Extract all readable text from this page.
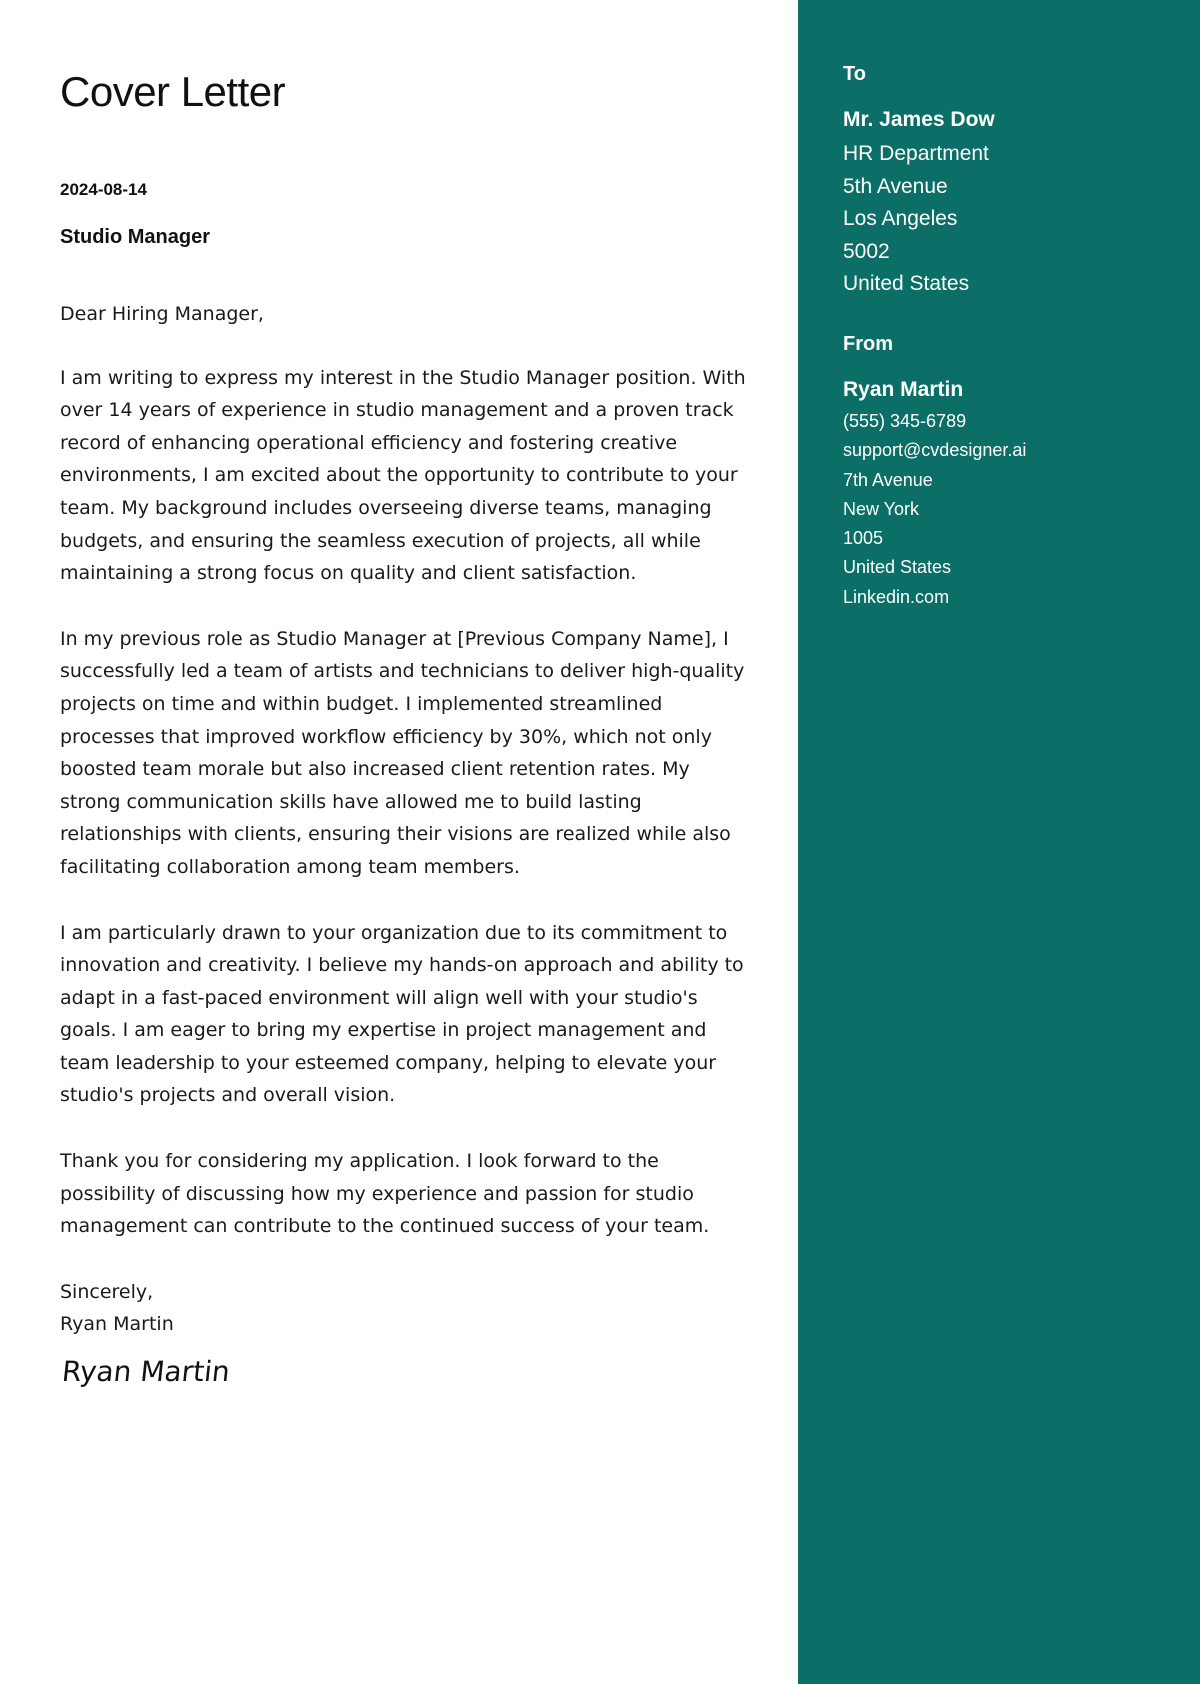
Cover Letter
2024-08-14
Studio Manager

Dear Hiring Manager,

I am writing to express my interest in the Studio Manager position. With over 14 years of experience in studio management and a proven track record of enhancing operational efficiency and fostering creative environments, I am excited about the opportunity to contribute to your team. My background includes overseeing diverse teams, managing budgets, and ensuring the seamless execution of projects, all while maintaining a strong focus on quality and client satisfaction.

In my previous role as Studio Manager at [Previous Company Name], I successfully led a team of artists and technicians to deliver high-quality projects on time and within budget. I implemented streamlined processes that improved workflow efficiency by 30%, which not only boosted team morale but also increased client retention rates. My strong communication skills have allowed me to build lasting relationships with clients, ensuring their visions are realized while also facilitating collaboration among team members.

I am particularly drawn to your organization due to its commitment to innovation and creativity. I believe my hands-on approach and ability to adapt in a fast-paced environment will align well with your studio's goals. I am eager to bring my expertise in project management and team leadership to your esteemed company, helping to elevate your studio's projects and overall vision.

Thank you for considering my application. I look forward to the possibility of discussing how my experience and passion for studio management can contribute to the continued success of your team.

Sincerely,
Ryan Martin
Ryan Martin
To
Mr. James Dow
HR Department
5th Avenue
Los Angeles
5002
United States
From
Ryan Martin
(555) 345-6789
support@cvdesigner.ai
7th Avenue
New York
1005
United States
Linkedin.com
